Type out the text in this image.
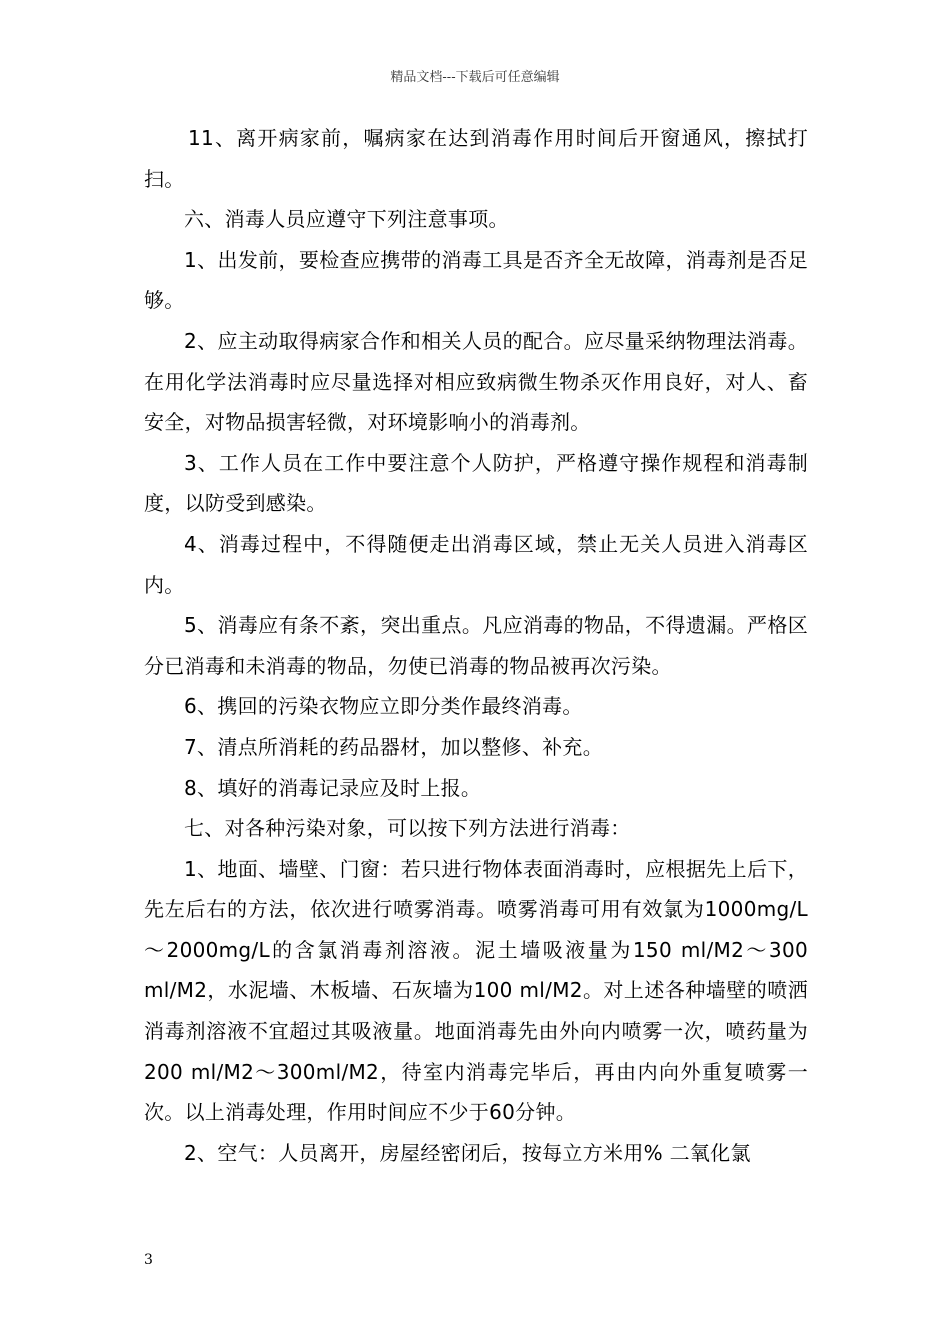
精品文档---下载后可任意编辑

11、离开病家前，嘱病家在达到消毒作用时间后开窗通风，擦拭打扫。

六、消毒人员应遵守下列注意事项。

1、出发前，要检查应携带的消毒工具是否齐全无故障，消毒剂是否足够。

2、应主动取得病家合作和相关人员的配合。应尽量采纳物理法消毒。在用化学法消毒时应尽量选择对相应致病微生物杀灭作用良好，对人、畜安全，对物品损害轻微，对环境影响小的消毒剂。

3、工作人员在工作中要注意个人防护，严格遵守操作规程和消毒制度，以防受到感染。

4、消毒过程中，不得随便走出消毒区域，禁止无关人员进入消毒区内。

5、消毒应有条不紊，突出重点。凡应消毒的物品，不得遗漏。严格区分已消毒和未消毒的物品，勿使已消毒的物品被再次污染。

6、携回的污染衣物应立即分类作最终消毒。

7、清点所消耗的药品器材，加以整修、补充。

8、填好的消毒记录应及时上报。

七、对各种污染对象，可以按下列方法进行消毒：

1、地面、墙壁、门窗：若只进行物体表面消毒时，应根据先上后下，先左后右的方法，依次进行喷雾消毒。喷雾消毒可用有效氯为1000mg/L～2000mg/L的含氯消毒剂溶液。泥土墙吸液量为150 ml/M2～300 ml/M2，水泥墙、木板墙、石灰墙为100 ml/M2。对上述各种墙壁的喷洒消毒剂溶液不宜超过其吸液量。地面消毒先由外向内喷雾一次，喷药量为200 ml/M2～300ml/M2，待室内消毒完毕后，再由内向外重复喷雾一次。以上消毒处理，作用时间应不少于60分钟。

2、空气：人员离开，房屋经密闭后，按每立方米用% 二氧化氯

3
